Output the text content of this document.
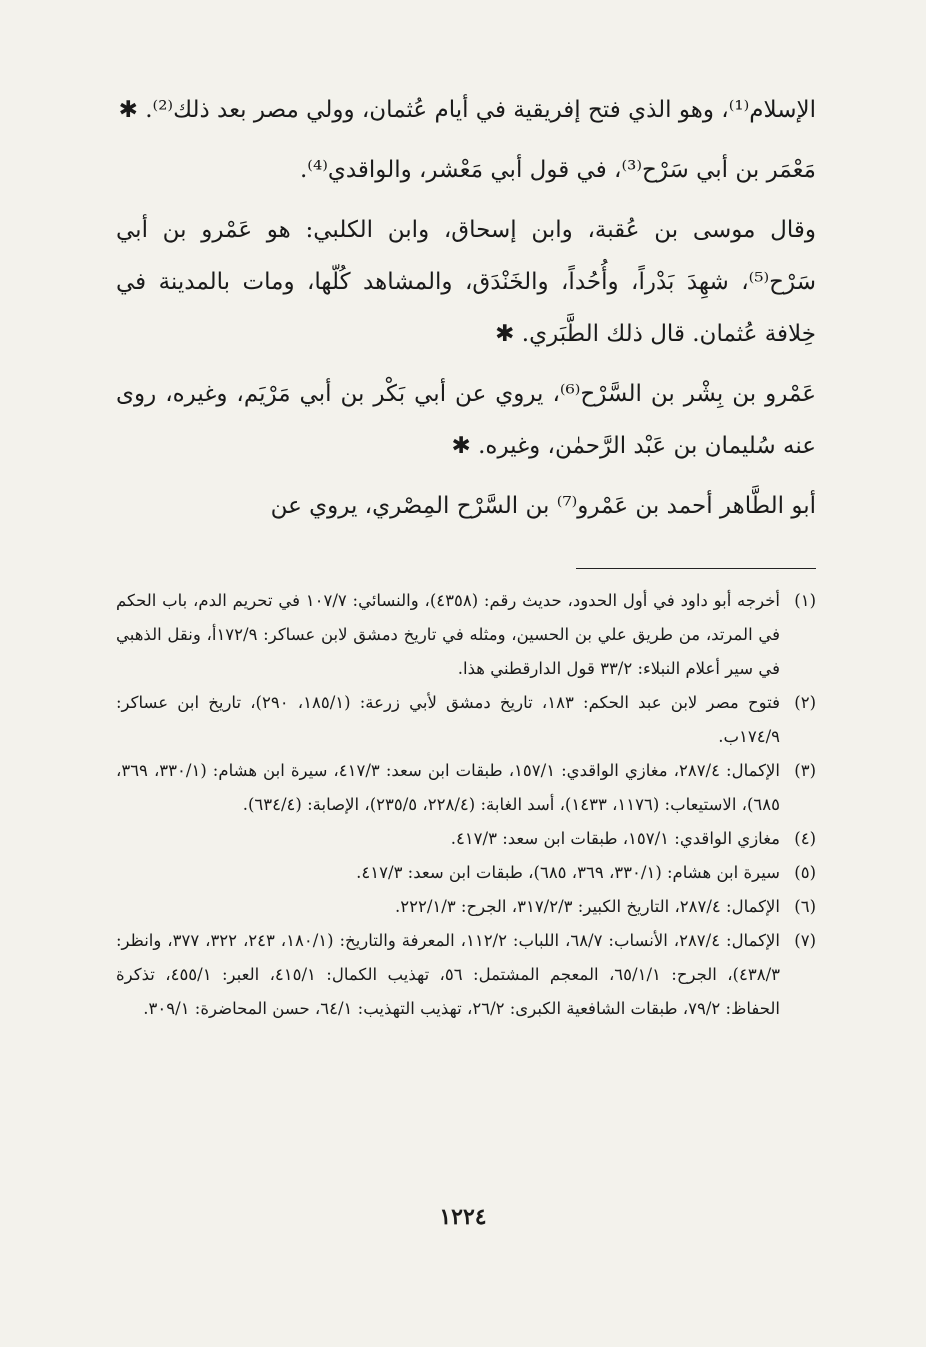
الإسلام⁽¹⁾، وهو الذي فتح إفريقية في أيام عُثمان، وولي مصر بعد ذلك⁽²⁾. ✱

مَعْمَر بن أبي سَرْح⁽³⁾، في قول أبي مَعْشر، والواقدي⁽⁴⁾.

وقال موسى بن عُقبة، وابن إسحاق، وابن الكلبي: هو عَمْرو بن أبي سَرْح⁽⁵⁾، شهِدَ بَدْراً، وأُحُداً، والخَنْدَق، والمشاهد كُلّها، ومات بالمدينة في خِلافة عُثمان. قال ذلك الطَّبَري. ✱

عَمْرو بن بِشْر بن السَّرْح⁽⁶⁾، يروي عن أبي بَكْر بن أبي مَرْيَم، وغيره، روى عنه سُليمان بن عَبْد الرَّحمٰن، وغيره. ✱

أبو الطَّاهر أحمد بن عَمْرو⁽⁷⁾ بن السَّرْح المِصْري، يروي عن

(١)
أخرجه أبو داود في أول الحدود، حديث رقم: (٤٣٥٨)، والنسائي: ١٠٧/٧ في تحريم الدم، باب الحكم في المرتد، من طريق علي بن الحسين، ومثله في تاريخ دمشق لابن عساكر: ١٧٢/٩أ، ونقل الذهبي في سير أعلام النبلاء: ٣٣/٢ قول الدارقطني هذا.
(٢)
فتوح مصر لابن عبد الحكم: ١٨٣، تاريخ دمشق لأبي زرعة: (١٨٥/١، ٢٩٠)، تاريخ ابن عساكر: ١٧٤/٩ب.
(٣)
الإكمال: ٢٨٧/٤، مغازي الواقدي: ١٥٧/١، طبقات ابن سعد: ٤١٧/٣، سيرة ابن هشام: (٣٣٠/١، ٣٦٩، ٦٨٥)، الاستيعاب: (١١٧٦، ١٤٣٣)، أسد الغابة: (٢٢٨/٤، ٢٣٥/٥)، الإصابة: (٦٣٤/٤).
(٤)
مغازي الواقدي: ١٥٧/١، طبقات ابن سعد: ٤١٧/٣.
(٥)
سيرة ابن هشام: (٣٣٠/١، ٣٦٩، ٦٨٥)، طبقات ابن سعد: ٤١٧/٣.
(٦)
الإكمال: ٢٨٧/٤، التاريخ الكبير: ٣١٧/٢/٣، الجرح: ٢٢٢/١/٣.
(٧)
الإكمال: ٢٨٧/٤، الأنساب: ٦٨/٧، اللباب: ١١٢/٢، المعرفة والتاريخ: (١٨٠/١، ٢٤٣، ٣٢٢، ٣٧٧، وانظر: ٤٣٨/٣)، الجرح: ٦٥/١/١، المعجم المشتمل: ٥٦، تهذيب الكمال: ٤١٥/١، العبر: ٤٥٥/١، تذكرة الحفاظ: ٧٩/٢، طبقات الشافعية الكبرى: ٢٦/٢، تهذيب التهذيب: ٦٤/١، حسن المحاضرة: ٣٠٩/١.
١٢٢٤
